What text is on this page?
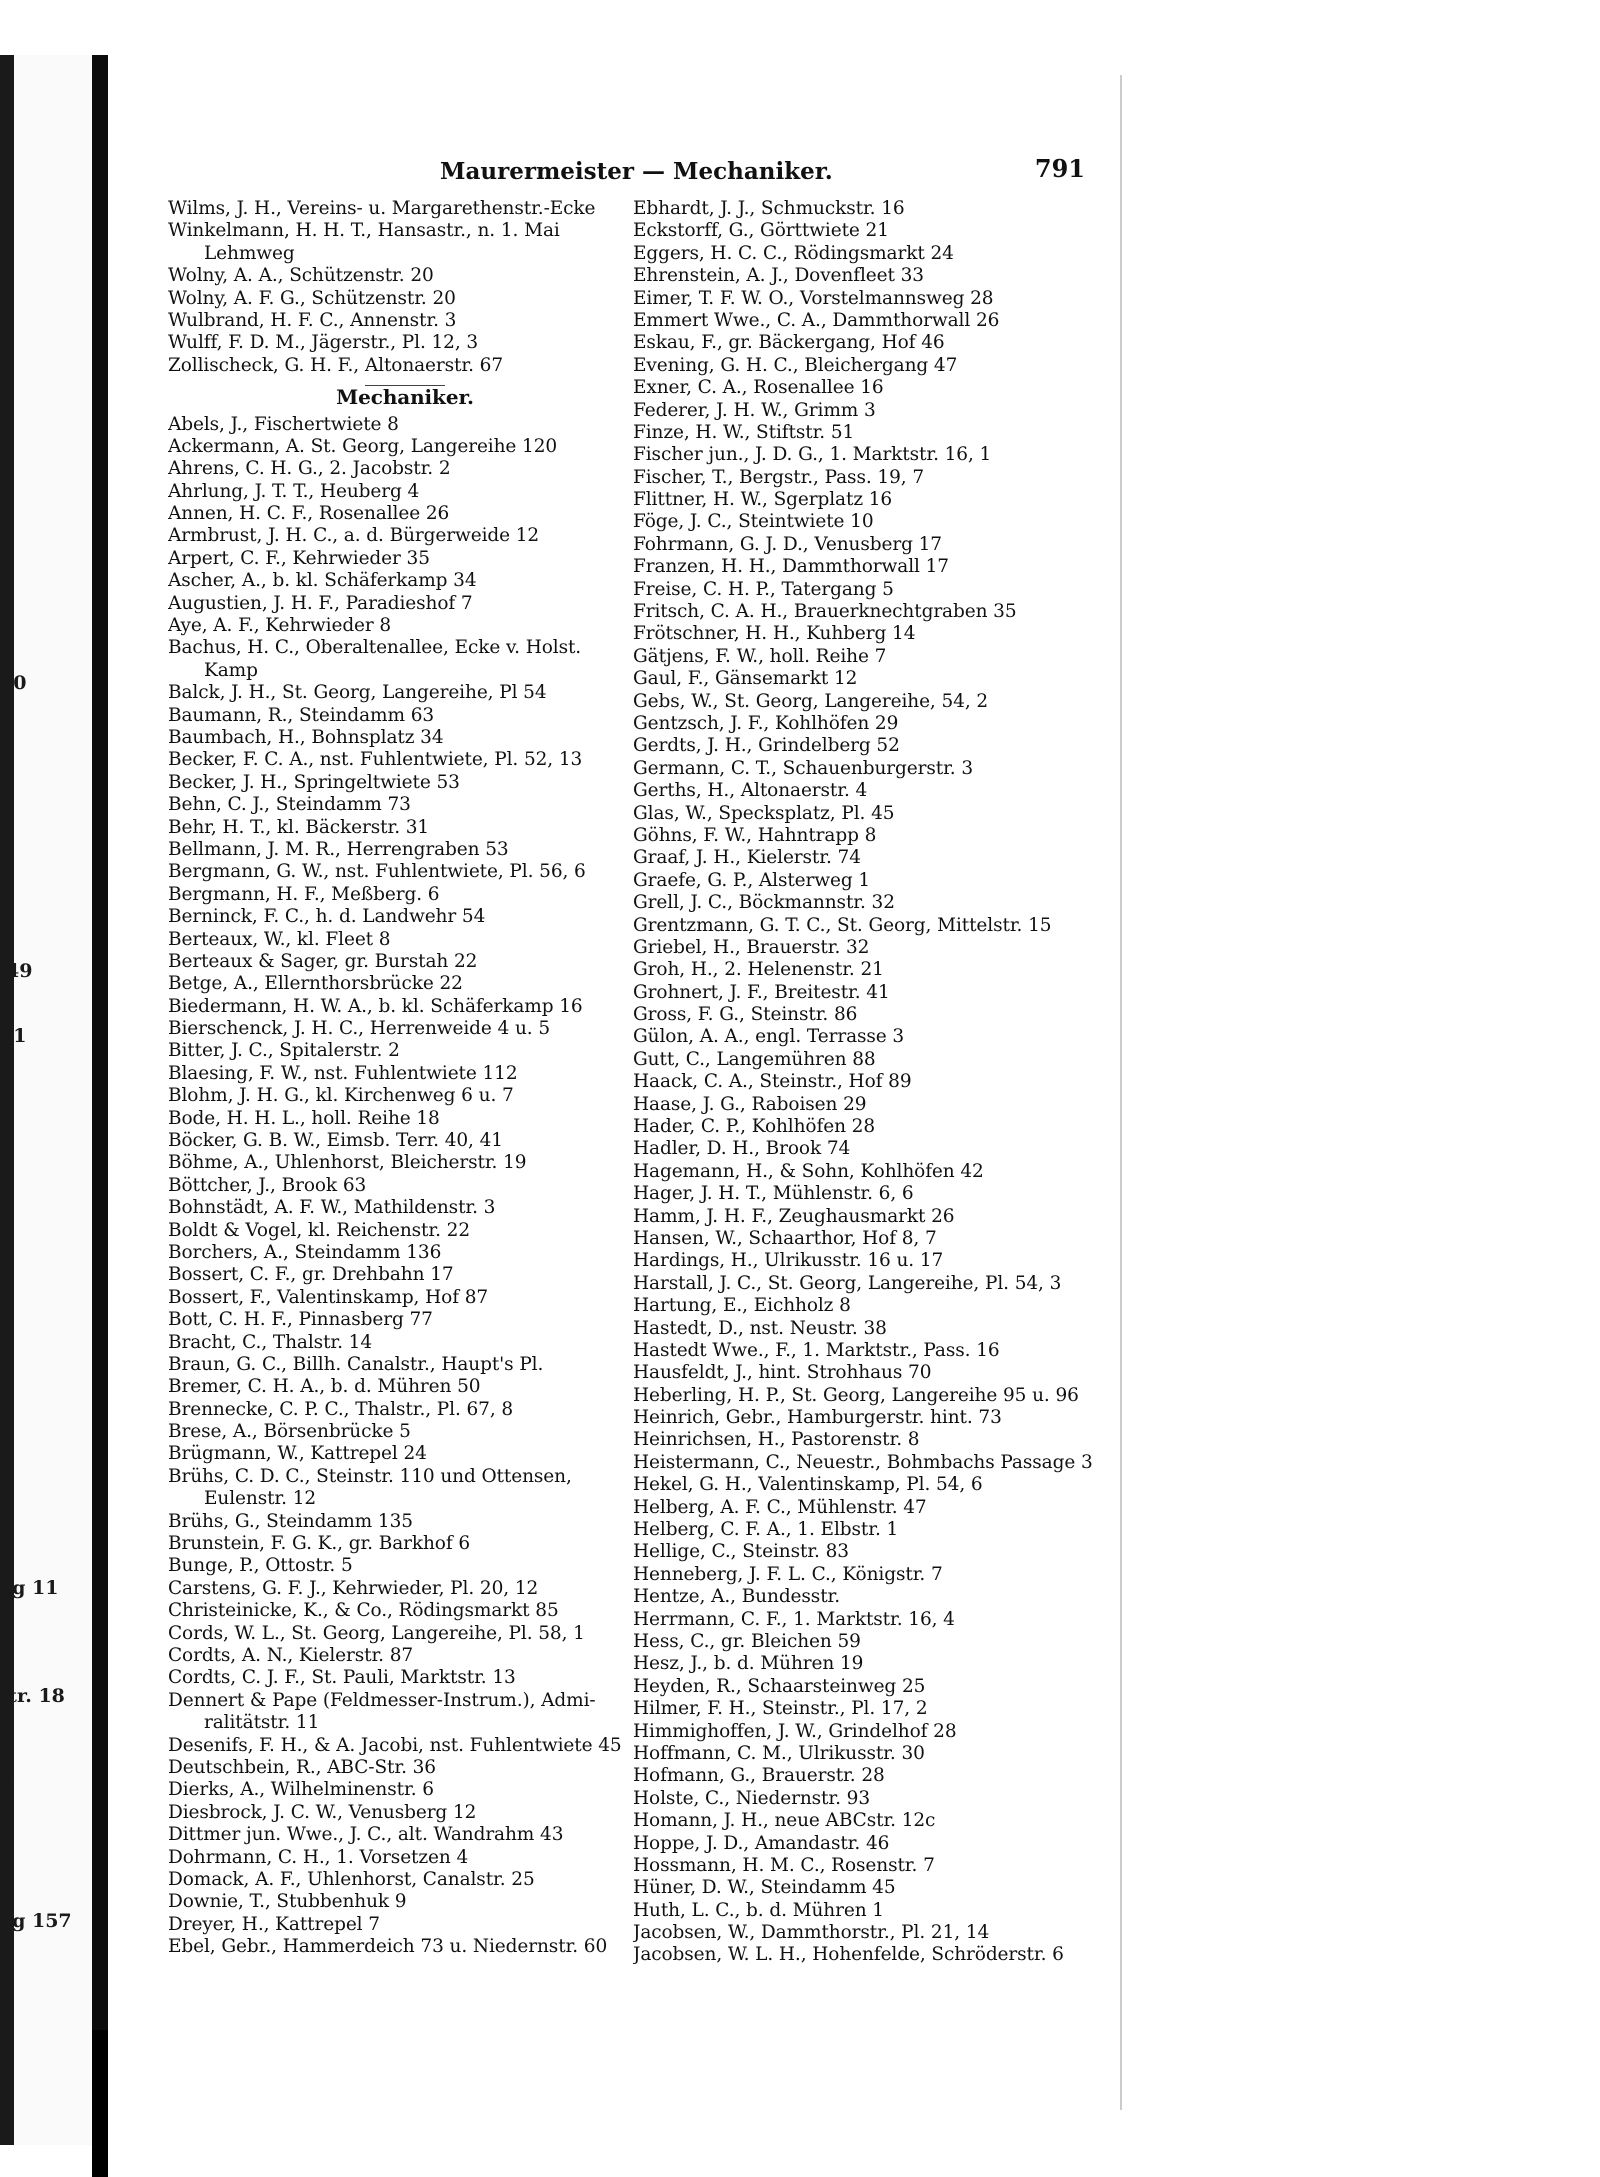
20
49
71
eg 11
ftr. 18
2
eg 157
Maurermeister — Mechaniker.	791
Wilms, J. H., Vereins- u. Margarethenstr.-Ecke
Winkelmann, H. H. T., Hansastr., n. 1. Mai
Lehmweg
Wolny, A. A., Schützenstr. 20
Wolny, A. F. G., Schützenstr. 20
Wulbrand, H. F. C., Annenstr. 3
Wulff, F. D. M., Jägerstr., Pl. 12, 3
Zollischeck, G. H. F., Altonaerstr. 67
Mechaniker.
Abels, J., Fischertwiete 8
Ackermann, A. St. Georg, Langereihe 120
Ahrens, C. H. G., 2. Jacobstr. 2
Ahrlung, J. T. T., Heuberg 4
Annen, H. C. F., Rosenallee 26
Armbrust, J. H. C., a. d. Bürgerweide 12
Arpert, C. F., Kehrwieder 35
Ascher, A., b. kl. Schäferkamp 34
Augustien, J. H. F., Paradieshof 7
Aye, A. F., Kehrwieder 8
Bachus, H. C., Oberaltenallee, Ecke v. Holst.
Kamp
Balck, J. H., St. Georg, Langereihe, Pl 54
Baumann, R., Steindamm 63
Baumbach, H., Bohnsplatz 34
Becker, F. C. A., nst. Fuhlentwiete, Pl. 52, 13
Becker, J. H., Springeltwiete 53
Behn, C. J., Steindamm 73
Behr, H. T., kl. Bäckerstr. 31
Bellmann, J. M. R., Herrengraben 53
Bergmann, G. W., nst. Fuhlentwiete, Pl. 56, 6
Bergmann, H. F., Meßberg. 6
Berninck, F. C., h. d. Landwehr 54
Berteaux, W., kl. Fleet 8
Berteaux & Sager, gr. Burstah 22
Betge, A., Ellernthorsbrücke 22
Biedermann, H. W. A., b. kl. Schäferkamp 16
Bierschenck, J. H. C., Herrenweide 4 u. 5
Bitter, J. C., Spitalerstr. 2
Blaesing, F. W., nst. Fuhlentwiete 112
Blohm, J. H. G., kl. Kirchenweg 6 u. 7
Bode, H. H. L., holl. Reihe 18
Böcker, G. B. W., Eimsb. Terr. 40, 41
Böhme, A., Uhlenhorst, Bleicherstr. 19
Böttcher, J., Brook 63
Bohnstädt, A. F. W., Mathildenstr. 3
Boldt & Vogel, kl. Reichenstr. 22
Borchers, A., Steindamm 136
Bossert, C. F., gr. Drehbahn 17
Bossert, F., Valentinskamp, Hof 87
Bott, C. H. F., Pinnasberg 77
Bracht, C., Thalstr. 14
Braun, G. C., Billh. Canalstr., Haupt's Pl.
Bremer, C. H. A., b. d. Mühren 50
Brennecke, C. P. C., Thalstr., Pl. 67, 8
Brese, A., Börsenbrücke 5
Brügmann, W., Kattrepel 24
Brühs, C. D. C., Steinstr. 110 und Ottensen,
Eulenstr. 12
Brühs, G., Steindamm 135
Brunstein, F. G. K., gr. Barkhof 6
Bunge, P., Ottostr. 5
Carstens, G. F. J., Kehrwieder, Pl. 20, 12
Christeinicke, K., & Co., Rödingsmarkt 85
Cords, W. L., St. Georg, Langereihe, Pl. 58, 1
Cordts, A. N., Kielerstr. 87
Cordts, C. J. F., St. Pauli, Marktstr. 13
Dennert & Pape (Feldmesser-Instrum.), Admi-
ralitätstr. 11
Desenifs, F. H., & A. Jacobi, nst. Fuhlentwiete 45
Deutschbein, R., ABC-Str. 36
Dierks, A., Wilhelminenstr. 6
Diesbrock, J. C. W., Venusberg 12
Dittmer jun. Wwe., J. C., alt. Wandrahm 43
Dohrmann, C. H., 1. Vorsetzen 4
Domack, A. F., Uhlenhorst, Canalstr. 25
Downie, T., Stubbenhuk 9
Dreyer, H., Kattrepel 7
Ebel, Gebr., Hammerdeich 73 u. Niedernstr. 60
Ebhardt, J. J., Schmuckstr. 16
Eckstorff, G., Görttwiete 21
Eggers, H. C. C., Rödingsmarkt 24
Ehrenstein, A. J., Dovenfleet 33
Eimer, T. F. W. O., Vorstelmannsweg 28
Emmert Wwe., C. A., Dammthorwall 26
Eskau, F., gr. Bäckergang, Hof 46
Evening, G. H. C., Bleichergang 47
Exner, C. A., Rosenallee 16
Federer, J. H. W., Grimm 3
Finze, H. W., Stiftstr. 51
Fischer jun., J. D. G., 1. Marktstr. 16, 1
Fischer, T., Bergstr., Pass. 19, 7
Flittner, H. W., Sgerplatz 16
Föge, J. C., Steintwiete 10
Fohrmann, G. J. D., Venusberg 17
Franzen, H. H., Dammthorwall 17
Freise, C. H. P., Tatergang 5
Fritsch, C. A. H., Brauerknechtgraben 35
Frötschner, H. H., Kuhberg 14
Gätjens, F. W., holl. Reihe 7
Gaul, F., Gänsemarkt 12
Gebs, W., St. Georg, Langereihe, 54, 2
Gentzsch, J. F., Kohlhöfen 29
Gerdts, J. H., Grindelberg 52
Germann, C. T., Schauenburgerstr. 3
Gerths, H., Altonaerstr. 4
Glas, W., Specksplatz, Pl. 45
Göhns, F. W., Hahntrapp 8
Graaf, J. H., Kielerstr. 74
Graefe, G. P., Alsterweg 1
Grell, J. C., Böckmannstr. 32
Grentzmann, G. T. C., St. Georg, Mittelstr. 15
Griebel, H., Brauerstr. 32
Groh, H., 2. Helenenstr. 21
Grohnert, J. F., Breitestr. 41
Gross, F. G., Steinstr. 86
Gülon, A. A., engl. Terrasse 3
Gutt, C., Langemühren 88
Haack, C. A., Steinstr., Hof 89
Haase, J. G., Raboisen 29
Hader, C. P., Kohlhöfen 28
Hadler, D. H., Brook 74
Hagemann, H., & Sohn, Kohlhöfen 42
Hager, J. H. T., Mühlenstr. 6, 6
Hamm, J. H. F., Zeughausmarkt 26
Hansen, W., Schaarthor, Hof 8, 7
Hardings, H., Ulrikusstr. 16 u. 17
Harstall, J. C., St. Georg, Langereihe, Pl. 54, 3
Hartung, E., Eichholz 8
Hastedt, D., nst. Neustr. 38
Hastedt Wwe., F., 1. Marktstr., Pass. 16
Hausfeldt, J., hint. Strohhaus 70
Heberling, H. P., St. Georg, Langereihe 95 u. 96
Heinrich, Gebr., Hamburgerstr. hint. 73
Heinrichsen, H., Pastorenstr. 8
Heistermann, C., Neuestr., Bohmbachs Passage 3
Hekel, G. H., Valentinskamp, Pl. 54, 6
Helberg, A. F. C., Mühlenstr. 47
Helberg, C. F. A., 1. Elbstr. 1
Hellige, C., Steinstr. 83
Henneberg, J. F. L. C., Königstr. 7
Hentze, A., Bundesstr.
Herrmann, C. F., 1. Marktstr. 16, 4
Hess, C., gr. Bleichen 59
Hesz, J., b. d. Mühren 19
Heyden, R., Schaarsteinweg 25
Hilmer, F. H., Steinstr., Pl. 17, 2
Himmighoffen, J. W., Grindelhof 28
Hoffmann, C. M., Ulrikusstr. 30
Hofmann, G., Brauerstr. 28
Holste, C., Niedernstr. 93
Homann, J. H., neue ABCstr. 12c
Hoppe, J. D., Amandastr. 46
Hossmann, H. M. C., Rosenstr. 7
Hüner, D. W., Steindamm 45
Huth, L. C., b. d. Mühren 1
Jacobsen, W., Dammthorstr., Pl. 21, 14
Jacobsen, W. L. H., Hohenfelde, Schröderstr. 6
